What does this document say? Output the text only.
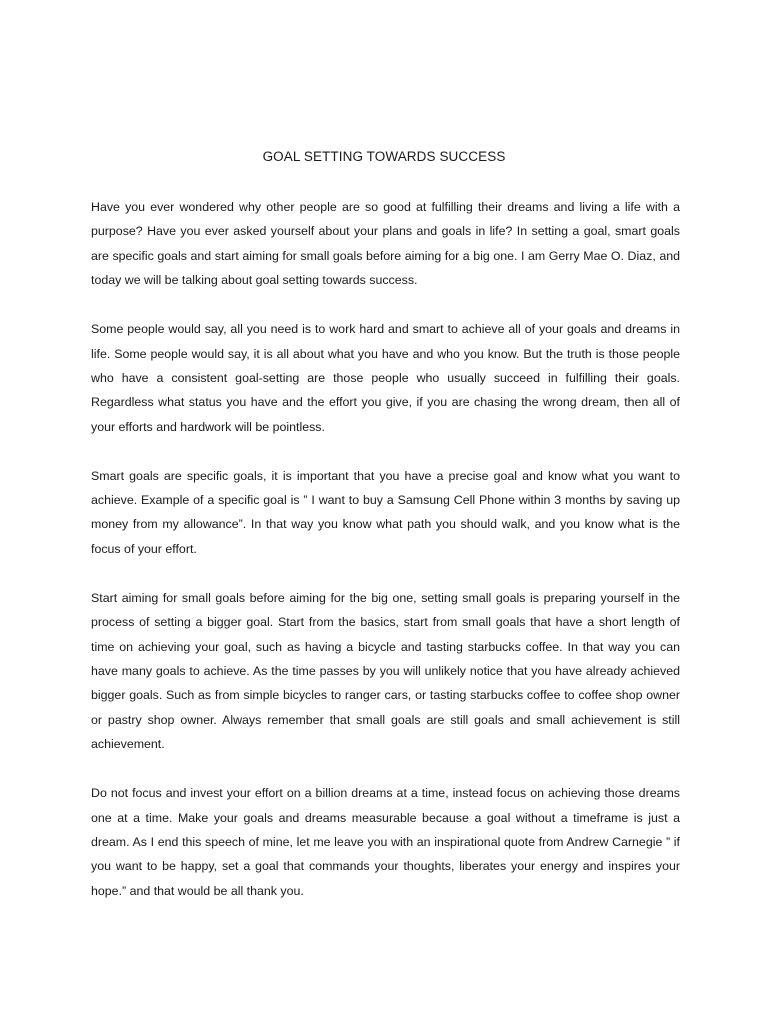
GOAL SETTING TOWARDS SUCCESS

Have you ever wondered why other people are so good at fulfilling their dreams and living a life with a purpose? Have you ever asked yourself about your plans and goals in life? In setting a goal, smart goals are specific goals and start aiming for small goals before aiming for a big one. I am Gerry Mae O. Diaz, and today we will be talking about goal setting towards success.

Some people would say, all you need is to work hard and smart to achieve all of your goals and dreams in life. Some people would say, it is all about what you have and who you know. But the truth is those people who have a consistent goal-setting are those people who usually succeed in fulfilling their goals. Regardless what status you have and the effort you give, if you are chasing the wrong dream, then all of your efforts and hardwork will be pointless.

Smart goals are specific goals, it is important that you have a precise goal and know what you want to achieve. Example of a specific goal is ” I want to buy a Samsung Cell Phone within 3 months by saving up money from my allowance”. In that way you know what path you should walk, and you know what is the focus of your effort.

Start aiming for small goals before aiming for the big one, setting small goals is preparing yourself in the process of setting a bigger goal. Start from the basics, start from small goals that have a short length of time on achieving your goal, such as having a bicycle and tasting starbucks coffee. In that way you can have many goals to achieve. As the time passes by you will unlikely notice that you have already achieved bigger goals. Such as from simple bicycles to ranger cars, or tasting starbucks coffee to coffee shop owner or pastry shop owner. Always remember that small goals are still goals and small achievement is still achievement.

Do not focus and invest your effort on a billion dreams at a time, instead focus on achieving those dreams one at a time. Make your goals and dreams measurable because a goal without a timeframe is just a dream. As I end this speech of mine, let me leave you with an inspirational quote from Andrew Carnegie ” if you want to be happy, set a goal that commands your thoughts, liberates your energy and inspires your hope.” and that would be all thank you.
